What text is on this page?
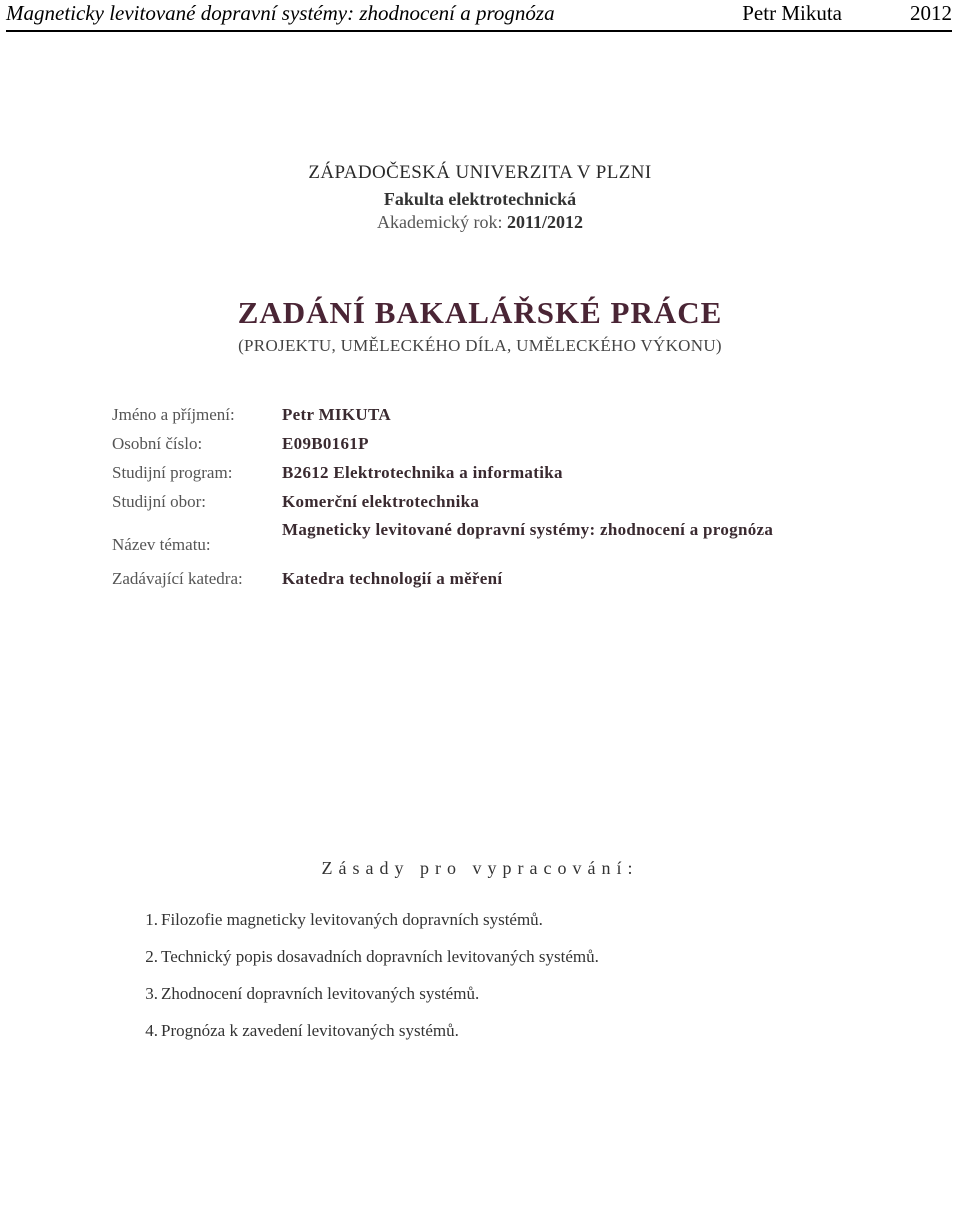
Magneticky levitované dopravní systémy: zhodnocení a prognóza	Petr Mikuta	2012
ZÁPADOČESKÁ UNIVERZITA V PLZNI
Fakulta elektrotechnická
Akademický rok: 2011/2012
ZADÁNÍ BAKALÁŘSKÉ PRÁCE
(PROJEKTU, UMĚLECKÉHO DÍLA, UMĚLECKÉHO VÝKONU)
Jméno a příjmení:	Petr MIKUTA
Osobní číslo:	E09B0161P
Studijní program:	B2612 Elektrotechnika a informatika
Studijní obor:	Komerční elektrotechnika
Název tématu:
Magneticky levitované dopravní systémy: zhodnocení a prognóza
Zadávající katedra: Katedra technologií a měření
Zásady pro vypracování:
1. Filozofie magneticky levitovaných dopravních systémů.
2. Technický popis dosavadních dopravních levitovaných systémů.
3. Zhodnocení dopravních levitovaných systémů.
4. Prognóza k zavedení levitovaných systémů.
